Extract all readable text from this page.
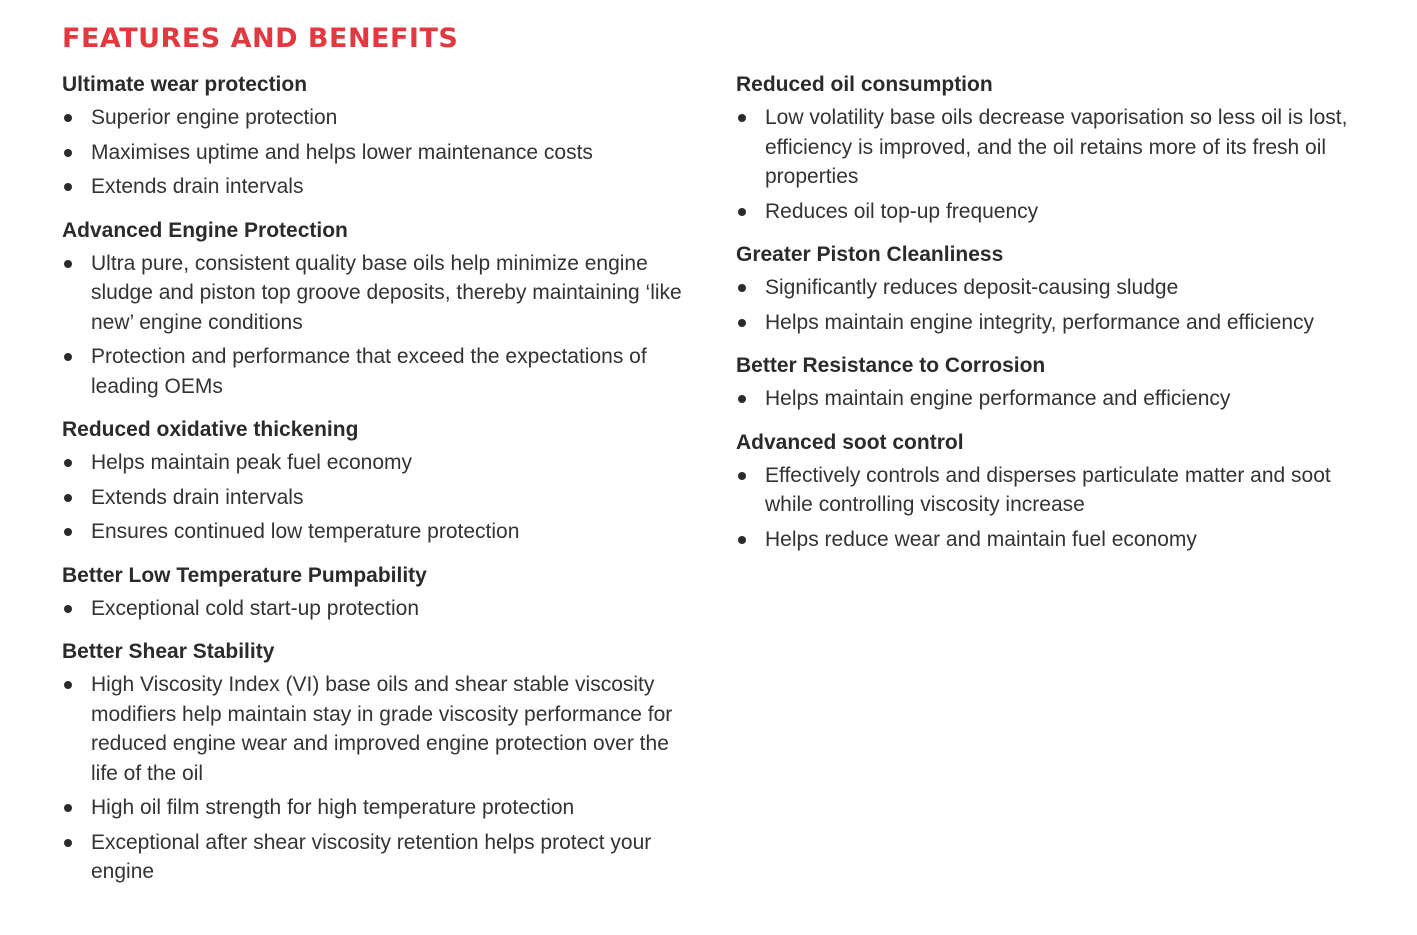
FEATURES AND BENEFITS
Ultimate wear protection
Superior engine protection
Maximises uptime and helps lower maintenance costs
Extends drain intervals
Advanced Engine Protection
Ultra pure, consistent quality base oils help minimize engine sludge and piston top groove deposits, thereby maintaining ‘like new’ engine conditions
Protection and performance that exceed the expectations of leading OEMs
Reduced oxidative thickening
Helps maintain peak fuel economy
Extends drain intervals
Ensures continued low temperature protection
Better Low Temperature Pumpability
Exceptional cold start-up protection
Better Shear Stability
High Viscosity Index (VI) base oils and shear stable viscosity modifiers help maintain stay in grade viscosity performance for reduced engine wear and improved engine protection over the life of the oil
High oil film strength for high temperature protection
Exceptional after shear viscosity retention helps protect your engine
Reduced oil consumption
Low volatility base oils decrease vaporisation so less oil is lost, efficiency is improved, and the oil retains more of its fresh oil properties
Reduces oil top-up frequency
Greater Piston Cleanliness
Significantly reduces deposit-causing sludge
Helps maintain engine integrity, performance and efficiency
Better Resistance to Corrosion
Helps maintain engine performance and efficiency
Advanced soot control
Effectively controls and disperses particulate matter and soot while controlling viscosity increase
Helps reduce wear and maintain fuel economy
